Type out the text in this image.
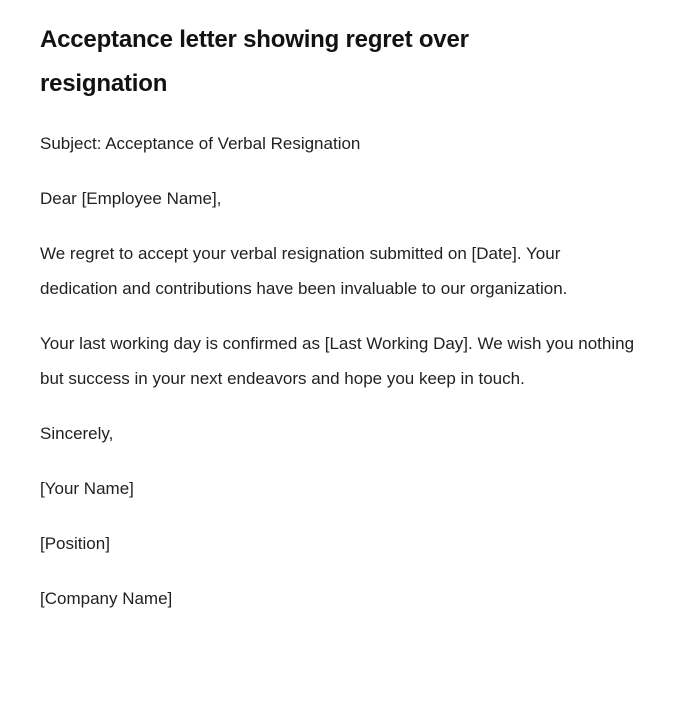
Acceptance letter showing regret over resignation

Subject: Acceptance of Verbal Resignation

Dear [Employee Name],

We regret to accept your verbal resignation submitted on [Date]. Your dedication and contributions have been invaluable to our organization.

Your last working day is confirmed as [Last Working Day]. We wish you nothing but success in your next endeavors and hope you keep in touch.

Sincerely,

[Your Name]

[Position]

[Company Name]
